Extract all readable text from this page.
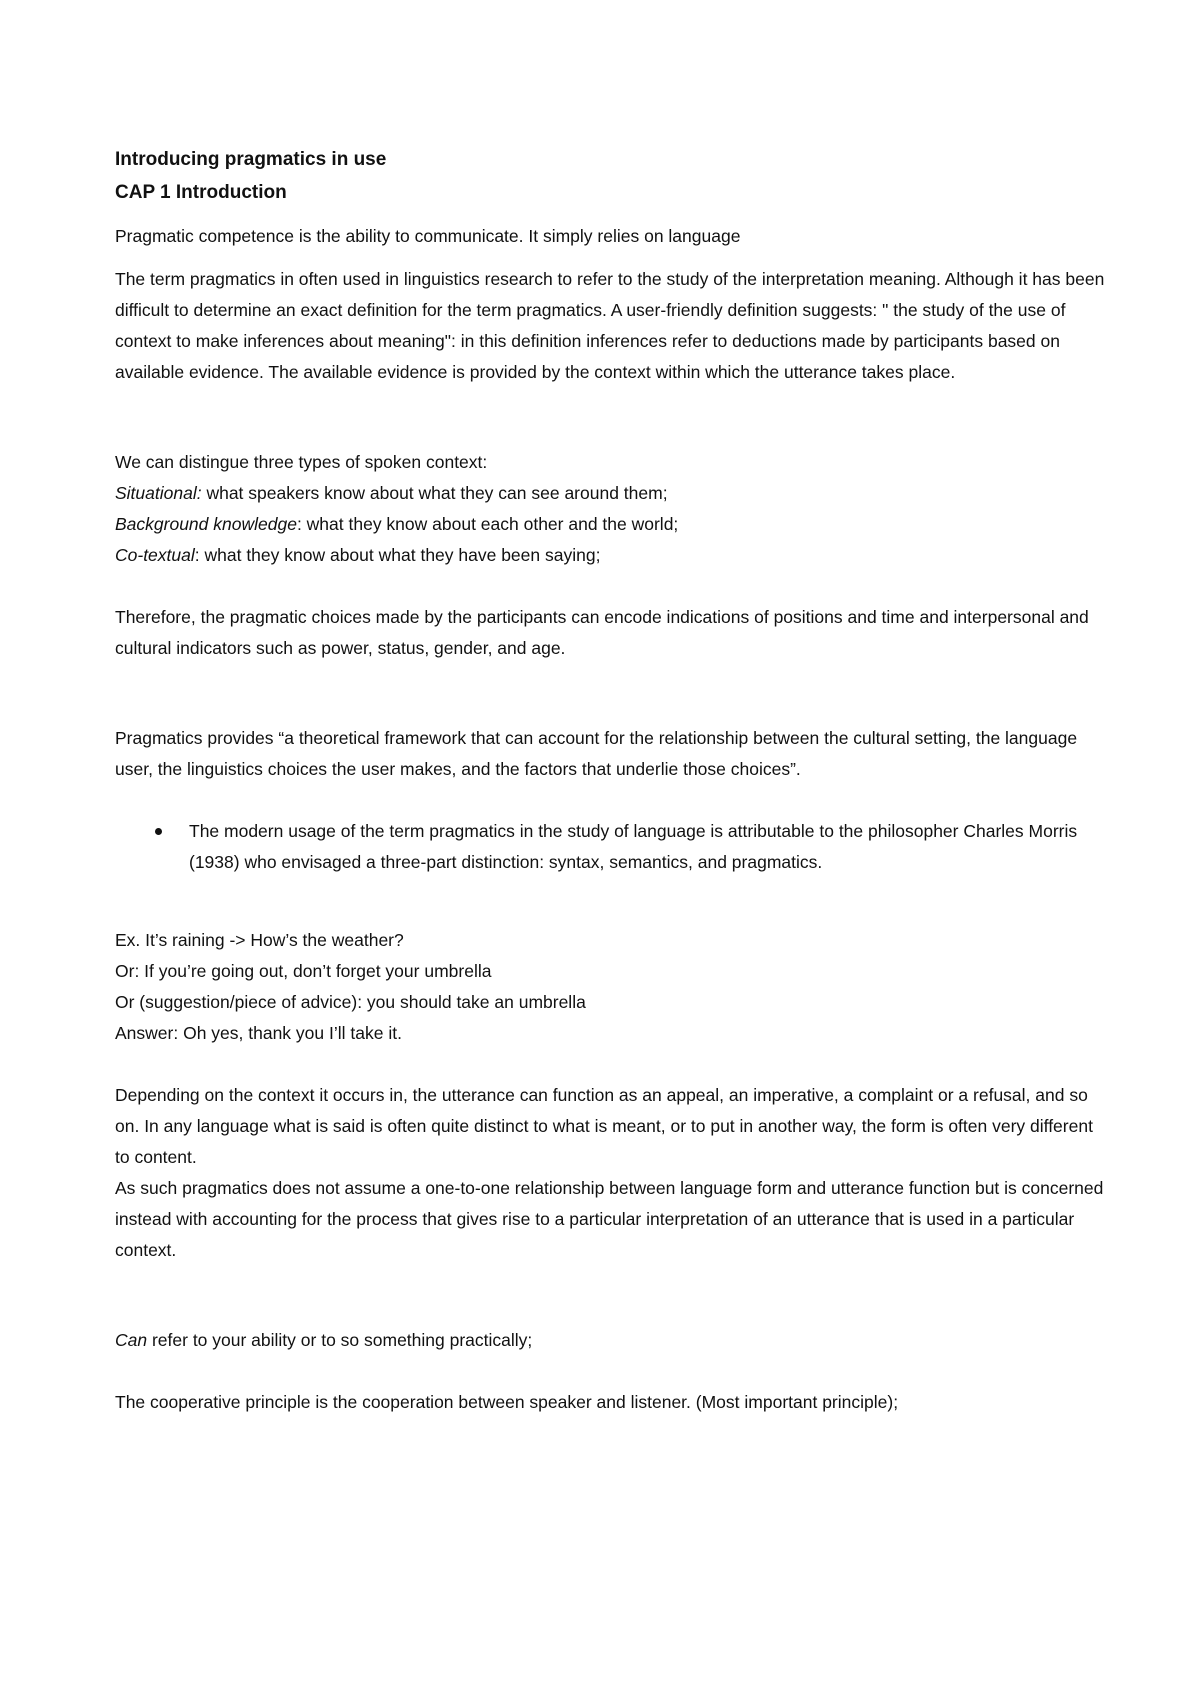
Introducing pragmatics in use

CAP 1 Introduction

Pragmatic competence is the ability to communicate. It simply relies on language

The term pragmatics in often used in linguistics research to refer to the study of the interpretation meaning. Although it has been difficult to determine an exact definition for the term pragmatics. A user-friendly definition suggests: " the study of the use of context to make inferences about meaning": in this definition inferences refer to deductions made by participants based on available evidence. The available evidence is provided by the context within which the utterance takes place.

We can distingue three types of spoken context:

Situational: what speakers know about what they can see around them;

Background knowledge: what they know about each other and the world;

Co-textual: what they know about what they have been saying;

Therefore, the pragmatic choices made by the participants can encode indications of positions and time and interpersonal and cultural indicators such as power, status, gender, and age.

Pragmatics provides “a theoretical framework that can account for the relationship between the cultural setting, the language user, the linguistics choices the user makes, and the factors that underlie those choices”.

The modern usage of the term pragmatics in the study of language is attributable to the philosopher Charles Morris (1938) who envisaged a three-part distinction: syntax, semantics, and pragmatics.

Ex. It’s raining -> How’s the weather?

Or: If you’re going out, don’t forget your umbrella

Or (suggestion/piece of advice): you should take an umbrella

Answer: Oh yes, thank you I’ll take it.

Depending on the context it occurs in, the utterance can function as an appeal, an imperative, a complaint or a refusal, and so on. In any language what is said is often quite distinct to what is meant, or to put in another way, the form is often very different to content.

As such pragmatics does not assume a one-to-one relationship between language form and utterance function but is concerned instead with accounting for the process that gives rise to a particular interpretation of an utterance that is used in a particular context.

Can refer to your ability or to so something practically;

The cooperative principle is the cooperation between speaker and listener. (Most important principle);
